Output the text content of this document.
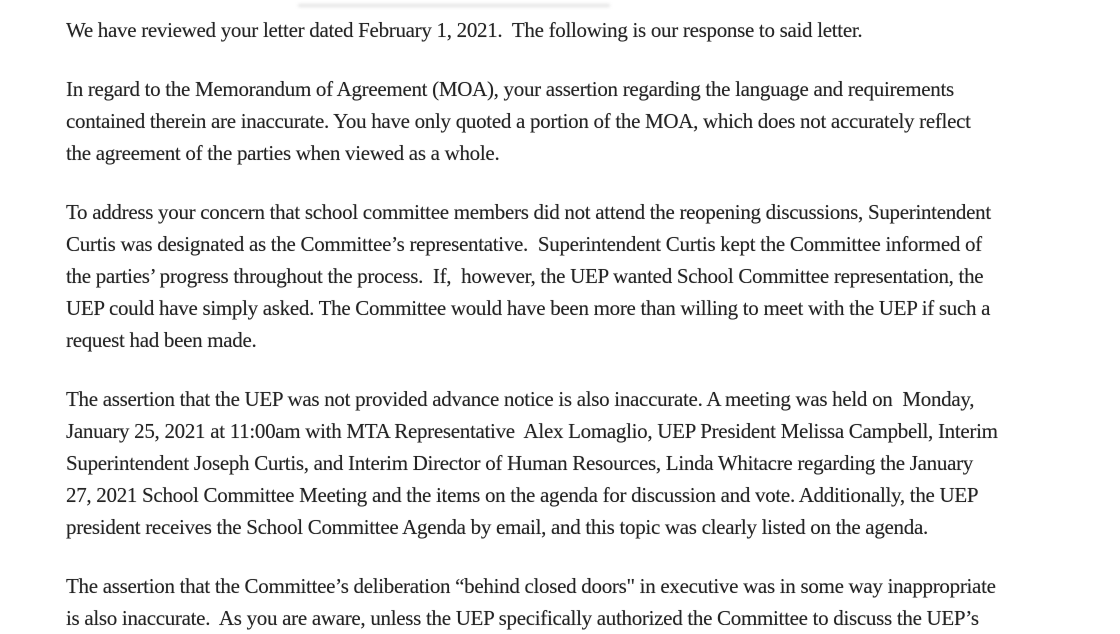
We have reviewed your letter dated February 1, 2021.  The following is our response to said letter.
In regard to the Memorandum of Agreement (MOA), your assertion regarding the language and requirements
contained therein are inaccurate. You have only quoted a portion of the MOA, which does not accurately reflect
the agreement of the parties when viewed as a whole.
To address your concern that school committee members did not attend the reopening discussions, Superintendent
Curtis was designated as the Committee’s representative.  Superintendent Curtis kept the Committee informed of
the parties’ progress throughout the process.  If,  however, the UEP wanted School Committee representation, the
UEP could have simply asked. The Committee would have been more than willing to meet with the UEP if such a
request had been made.
The assertion that the UEP was not provided advance notice is also inaccurate. A meeting was held on  Monday,
January 25, 2021 at 11:00am with MTA Representative  Alex Lomaglio, UEP President Melissa Campbell, Interim
Superintendent Joseph Curtis, and Interim Director of Human Resources, Linda Whitacre regarding the January
27, 2021 School Committee Meeting and the items on the agenda for discussion and vote. Additionally, the UEP
president receives the School Committee Agenda by email, and this topic was clearly listed on the agenda.
The assertion that the Committee’s deliberation “behind closed doors" in executive was in some way inappropriate
is also inaccurate.  As you are aware, unless the UEP specifically authorized the Committee to discuss the UEP’s
